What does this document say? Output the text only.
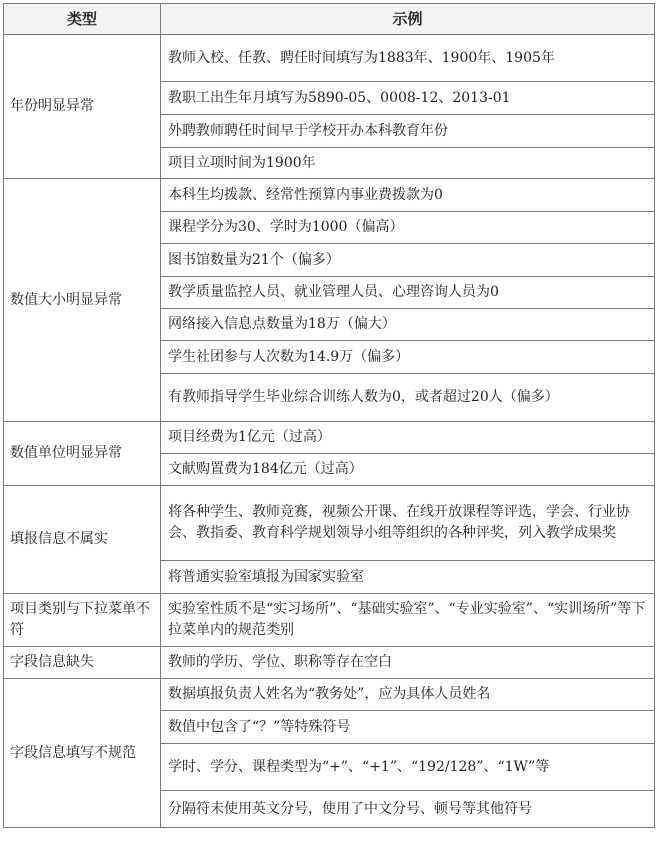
类型	示例
年份明显异常	教师入校、任教、聘任时间填写为1883年、1900年、1905年
	教职工出生年月填写为5890-05、0008-12、2013-01
	外聘教师聘任时间早于学校开办本科教育年份
	项目立项时间为1900年
数值大小明显异常	本科生均拨款、经常性预算内事业费拨款为0
	课程学分为30、学时为1000（偏高）
	图书馆数量为21个（偏多）
	教学质量监控人员、就业管理人员、心理咨询人员为0
	网络接入信息点数量为18万（偏大）
	学生社团参与人次数为14.9万（偏多）
	有教师指导学生毕业综合训练人数为0，或者超过20人（偏多）
数值单位明显异常	项目经费为1亿元（过高）
	文献购置费为184亿元（过高）
填报信息不属实	将各种学生、教师竞赛，视频公开课、在线开放课程等评选，学会、行业协会、教指委、教育科学规划领导小组等组织的各种评奖，列入教学成果奖
	将普通实验室填报为国家实验室
项目类别与下拉菜单不符	实验室性质不是“实习场所”、“基础实验室”、“专业实验室”、“实训场所”等下拉菜单内的规范类别
字段信息缺失	教师的学历、学位、职称等存在空白
字段信息填写不规范	数据填报负责人姓名为“教务处”，应为具体人员姓名
	数值中包含了“？”等特殊符号
	学时、学分、课程类型为“+”、“+1”、“192/128”、“1W”等
	分隔符未使用英文分号，使用了中文分号、顿号等其他符号
